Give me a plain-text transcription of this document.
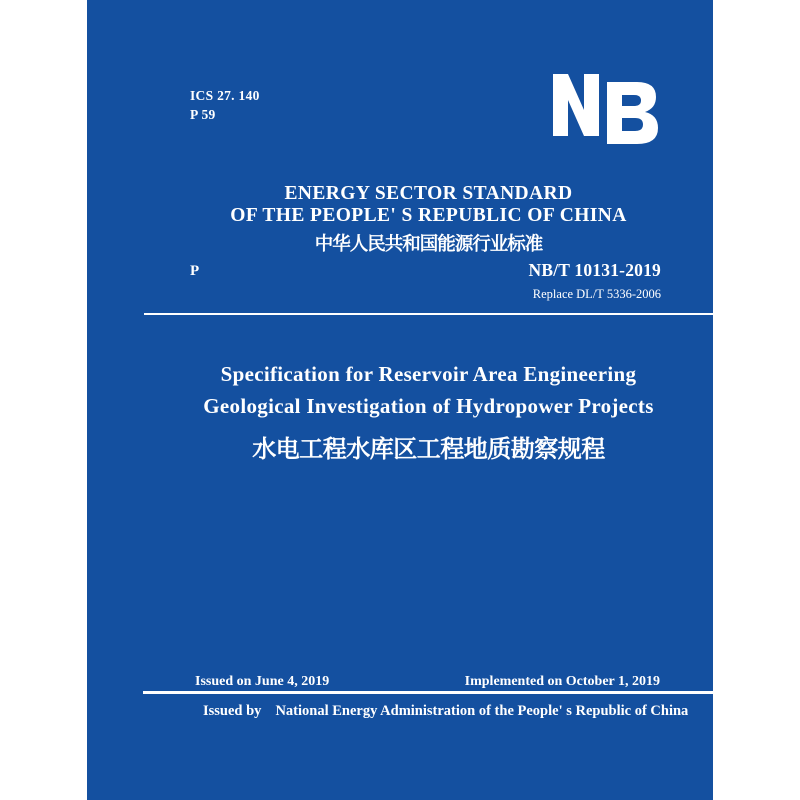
ICS 27. 140
P 59
ENERGY SECTOR STANDARD
OF THE PEOPLE' S REPUBLIC OF CHINA
中华人民共和国能源行业标准
P	NB/T 10131-2019
Replace DL/T 5336-2006
Specification for Reservoir Area Engineering
Geological Investigation of Hydropower Projects
水电工程水库区工程地质勘察规程
Issued on June 4, 2019	Implemented on October 1, 2019
Issued by National Energy Administration of the People' s Republic of China
